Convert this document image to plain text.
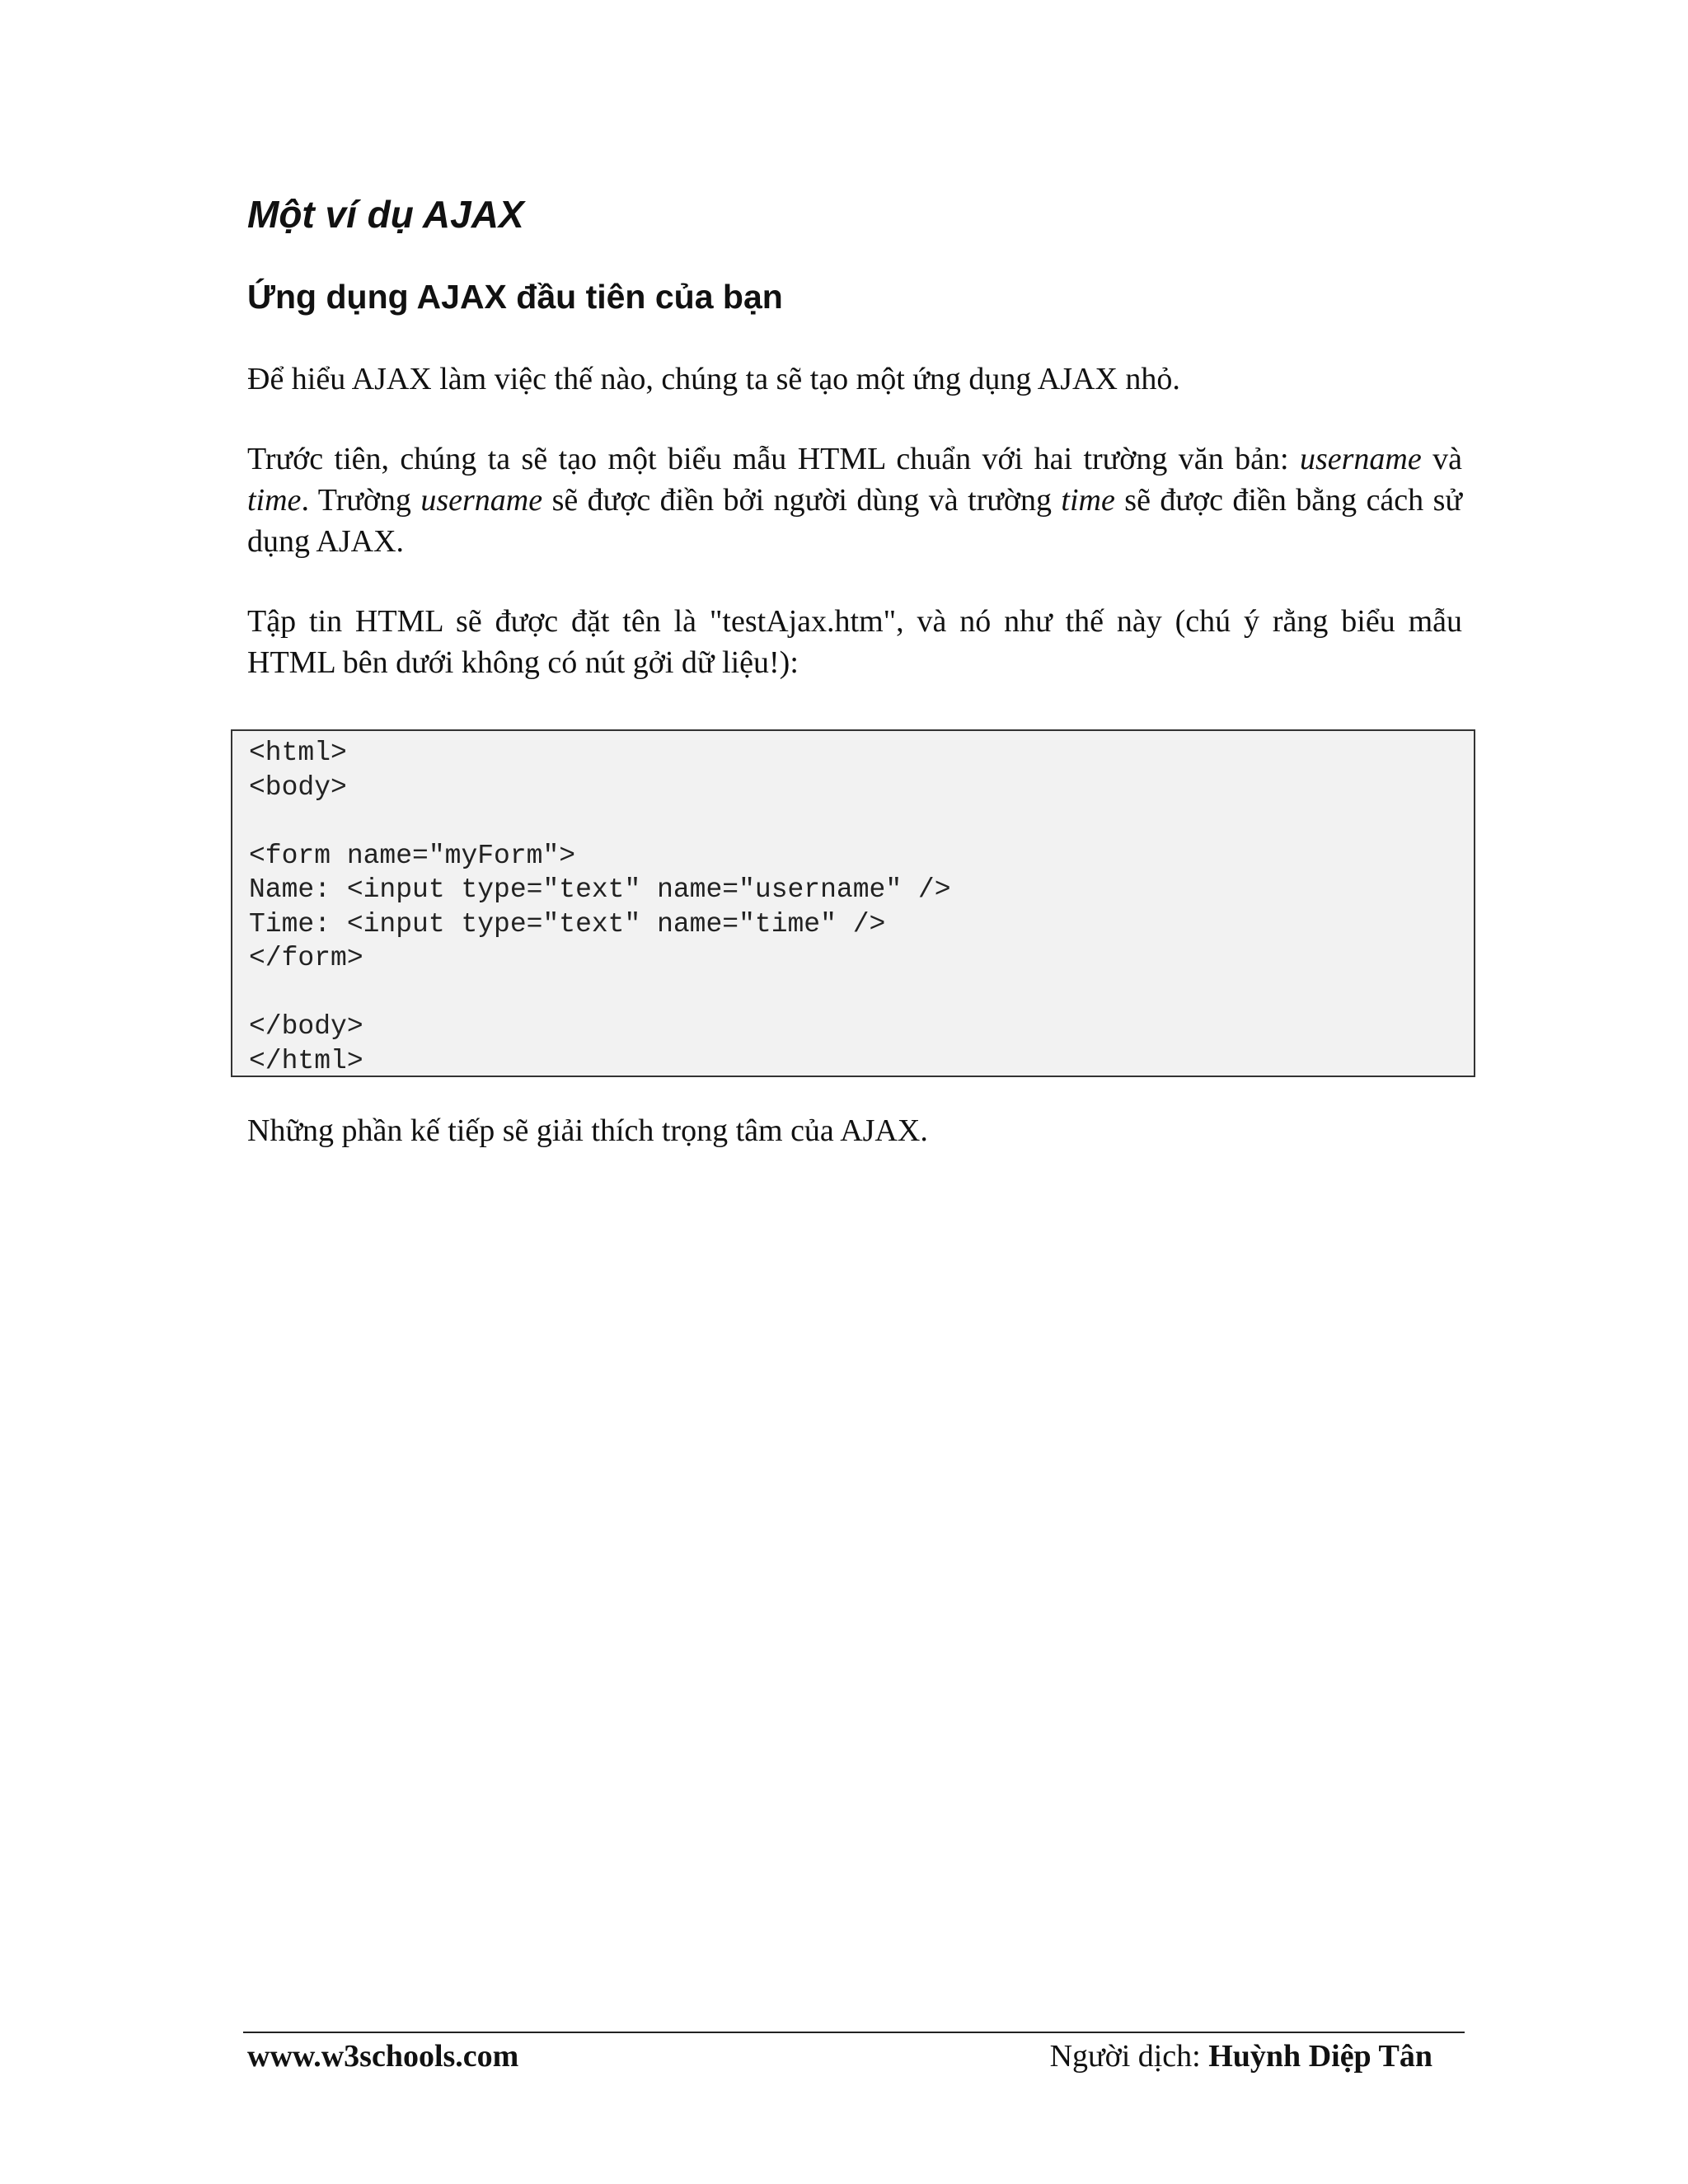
Một ví dụ AJAX
Ứng dụng AJAX đầu tiên của bạn

Để hiểu AJAX làm việc thế nào, chúng ta sẽ tạo một ứng dụng AJAX nhỏ.

Trước tiên, chúng ta sẽ tạo một biểu mẫu HTML chuẩn với hai trường văn bản: username và time. Trường username sẽ được điền bởi người dùng và trường time sẽ được điền bằng cách sử dụng AJAX.

Tập tin HTML sẽ được đặt tên là "testAjax.htm", và nó như thế này (chú ý rằng biểu mẫu HTML bên dưới không có nút gởi dữ liệu!):

<html>
<body>
<form name="myForm">
Name: <input type="text" name="username" />
Time: <input type="text" name="time" />
</form>
</body>
</html>

Những phần kế tiếp sẽ giải thích trọng tâm của AJAX.

www.w3schools.com	Người dịch: Huỳnh Diệp Tân
